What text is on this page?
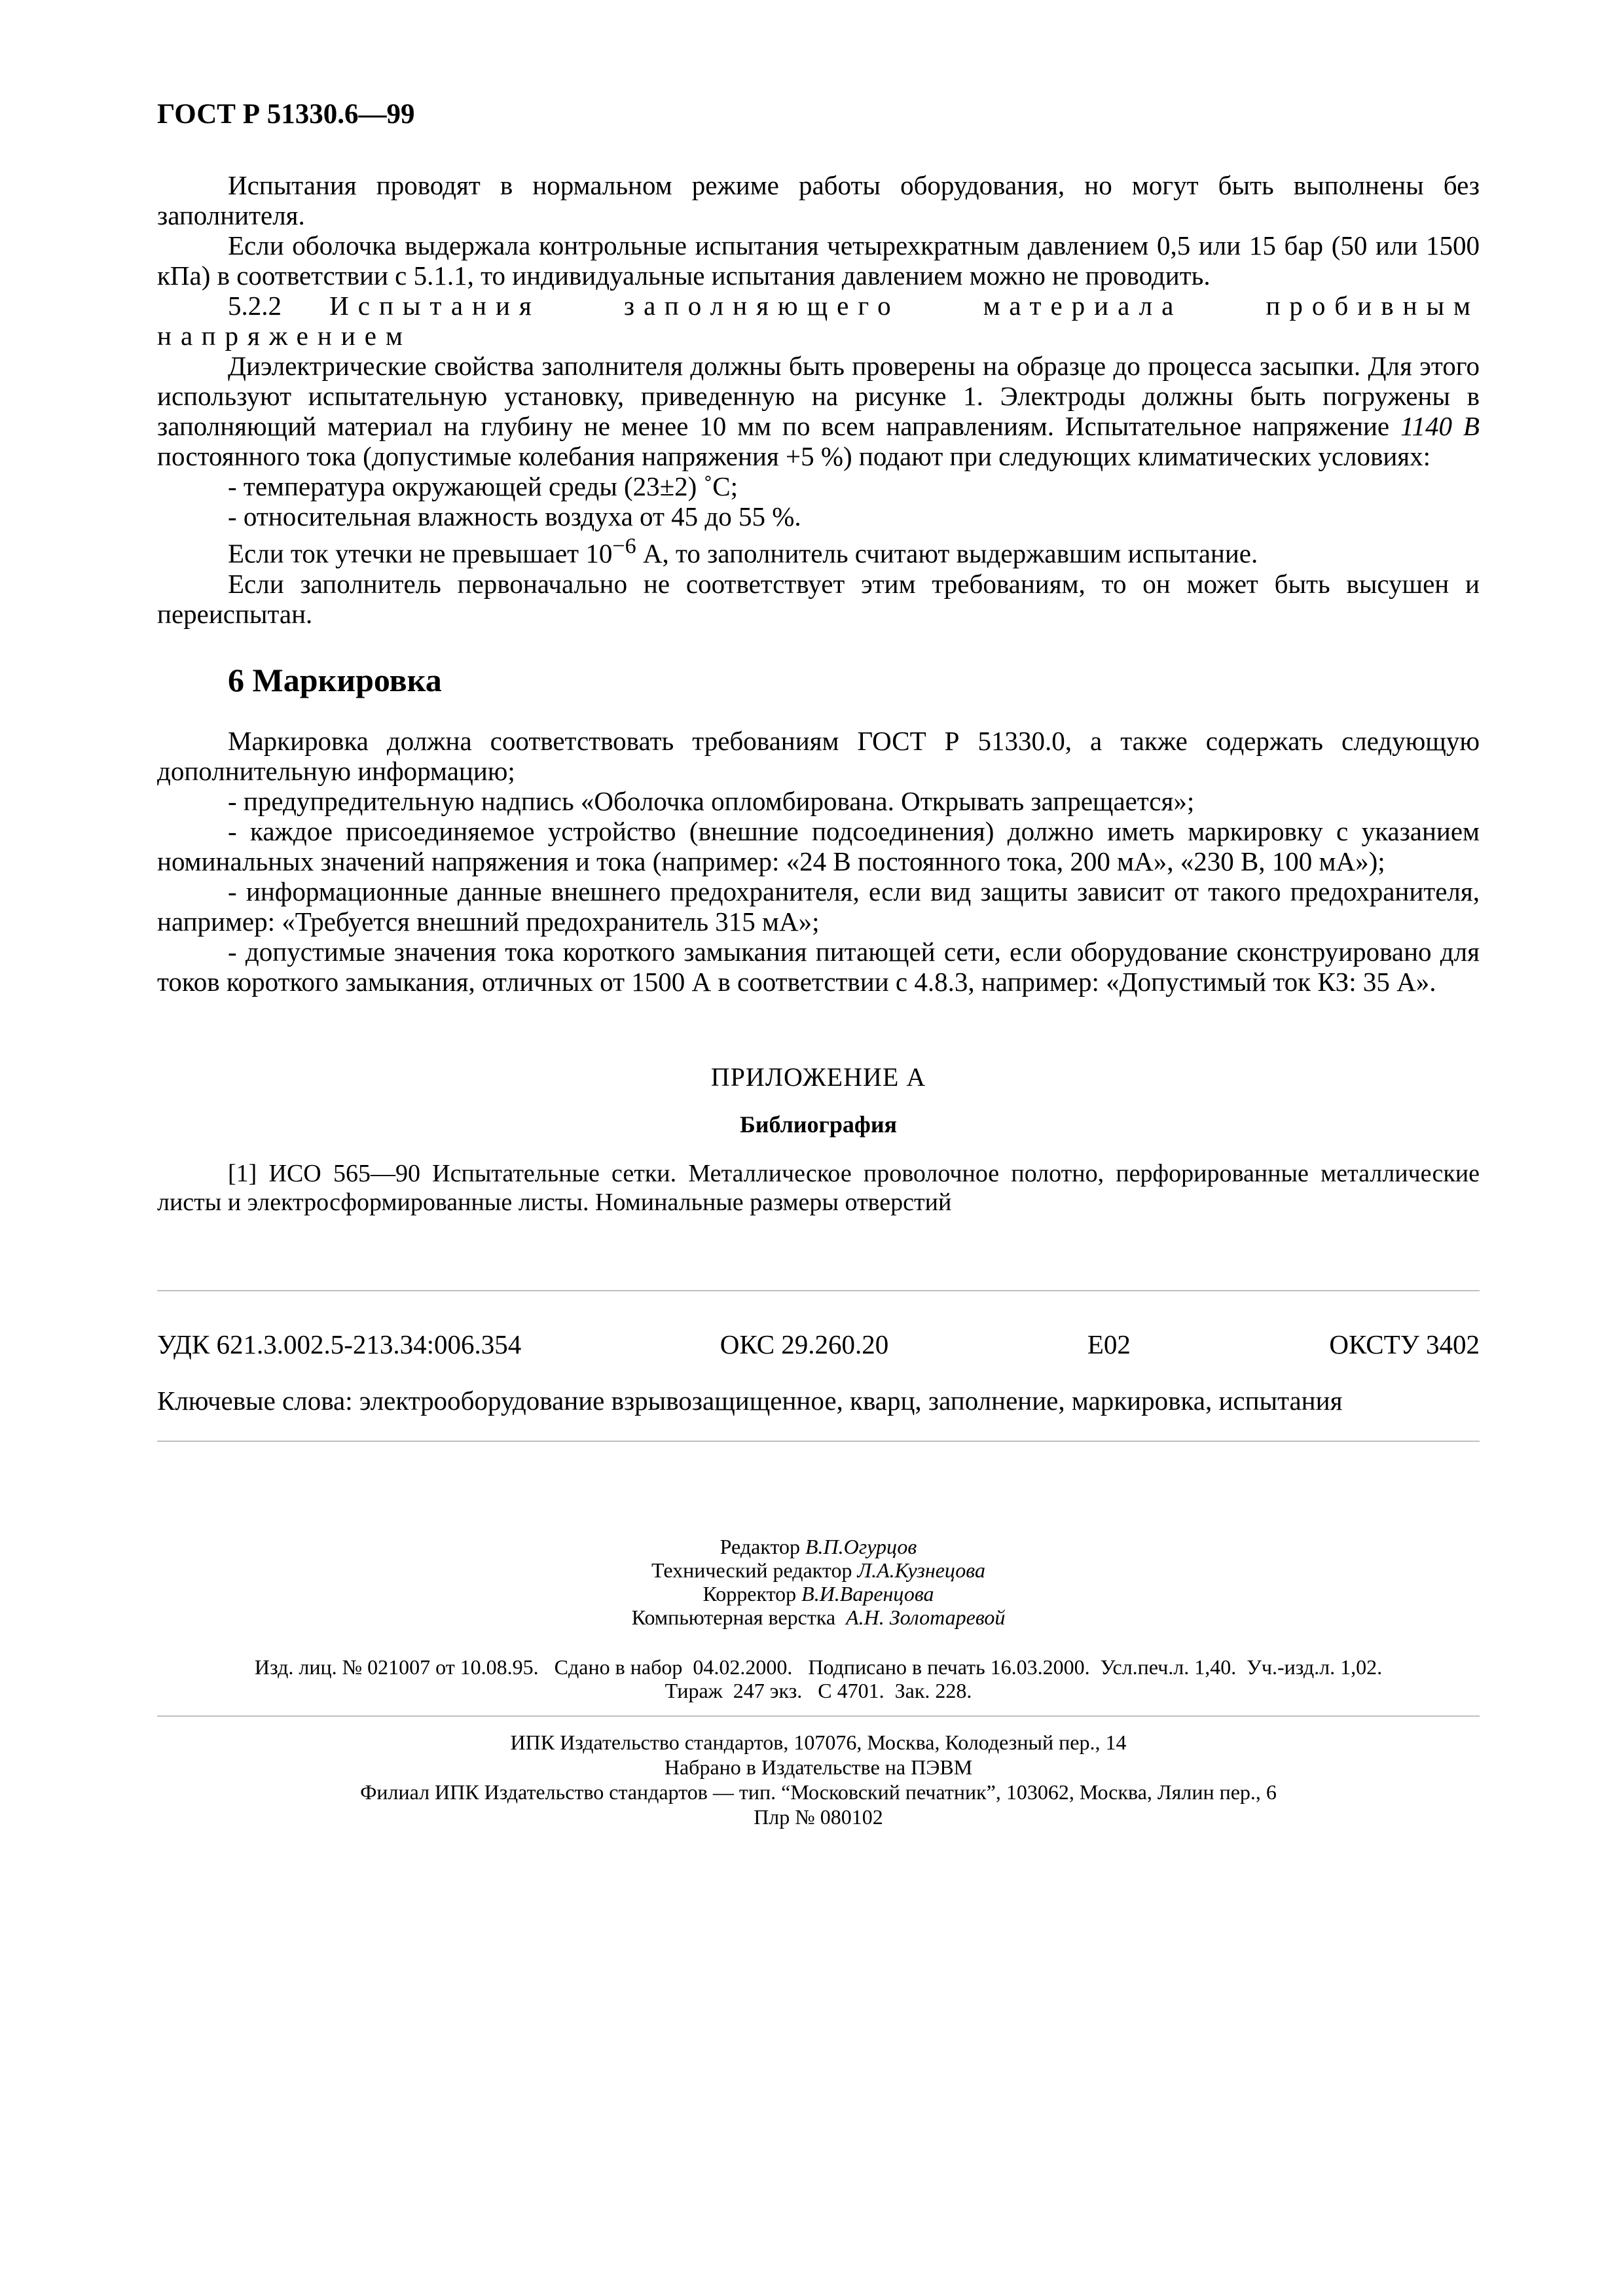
ГОСТ Р 51330.6—99

Испытания проводят в нормальном режиме работы оборудования, но могут быть выполнены без заполнителя.

Если оболочка выдержала контрольные испытания четырехкратным давлением 0,5 или 15 бар (50 или 1500 кПа) в соответствии с 5.1.1, то индивидуальные испытания давлением можно не проводить.

5.2.2 Испытания заполняющего материала пробивным напряжением

Диэлектрические свойства заполнителя должны быть проверены на образце до процесса засыпки. Для этого используют испытательную установку, приведенную на рисунке 1. Электроды должны быть погружены в заполняющий материал на глубину не менее 10 мм по всем направлениям. Испытательное напряжение 1140 В постоянного тока (допустимые колебания напряжения +5 %) подают при следующих климатических условиях:

- температура окружающей среды (23±2) ˚С;

- относительная влажность воздуха от 45 до 55 %.

Если ток утечки не превышает $10^{-6}$ А, то заполнитель считают выдержавшим испытание.

Если заполнитель первоначально не соответствует этим требованиям, то он может быть высушен и переиспытан.

6 Маркировка

Маркировка должна соответствовать требованиям ГОСТ Р 51330.0, а также содержать следующую дополнительную информацию;

- предупредительную надпись «Оболочка опломбирована. Открывать запрещается»;

- каждое присоединяемое устройство (внешние подсоединения) должно иметь маркировку с указанием номинальных значений напряжения и тока (например: «24 В постоянного тока, 200 мА», «230 В, 100 мА»);

- информационные данные внешнего предохранителя, если вид защиты зависит от такого предохранителя, например: «Требуется внешний предохранитель 315 мА»;

- допустимые значения тока короткого замыкания питающей сети, если оборудование сконструировано для токов короткого замыкания, отличных от 1500 А в соответствии с 4.8.3, например: «Допустимый ток КЗ: 35 А».

ПРИЛОЖЕНИЕ А
Библиография

[1] ИСО 565—90 Испытательные сетки. Металлическое проволочное полотно, перфорированные металлические листы и электросформированные листы. Номинальные размеры отверстий

УДК 621.3.002.5-213.34:006.354	ОКС 29.260.20	Е02	ОКСТУ 3402
Ключевые слова: электрооборудование взрывозащищенное, кварц, заполнение, маркировка, испытания
Редактор В.П.Огурцов
Технический редактор Л.А.Кузнецова
Корректор В.И.Варенцова
Компьютерная верстка А.Н. Золотаревой
Изд. лиц. № 021007 от 10.08.95.   Сдано в набор  04.02.2000.   Подписано в печать 16.03.2000.  Усл.печ.л. 1,40.  Уч.-изд.л. 1,02.
Тираж  247 экз.   С 4701.  Зак. 228.
ИПК Издательство стандартов, 107076, Москва, Колодезный пер., 14
Набрано в Издательстве на ПЭВМ
Филиал ИПК Издательство стандартов — тип. “Московский печатник”, 103062, Москва, Лялин пер., 6
Плр № 080102
